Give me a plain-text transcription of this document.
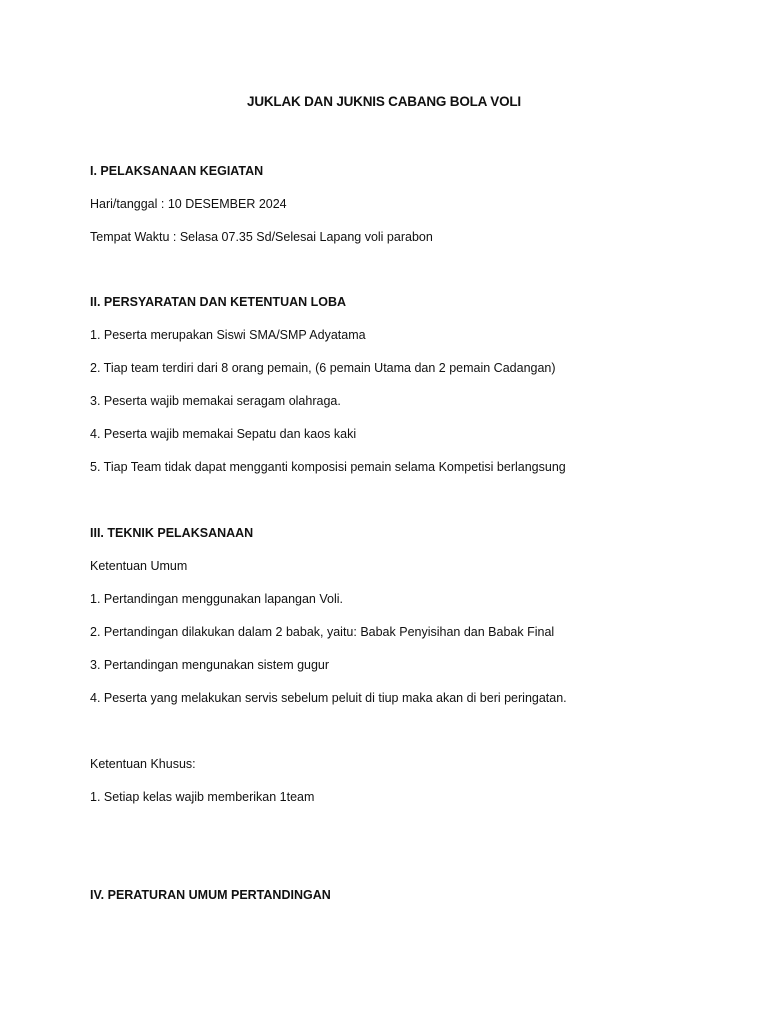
JUKLAK DAN JUKNIS CABANG BOLA VOLI
I. PELAKSANAAN KEGIATAN
Hari/tanggal : 10 DESEMBER 2024
Tempat Waktu : Selasa 07.35 Sd/Selesai Lapang voli parabon
II. PERSYARATAN DAN KETENTUAN LOBA
1. Peserta merupakan Siswi SMA/SMP Adyatama
2. Tiap team terdiri dari 8 orang pemain, (6 pemain Utama dan 2 pemain Cadangan)
3. Peserta wajib memakai seragam olahraga.
4. Peserta wajib memakai Sepatu dan kaos kaki
5. Tiap Team tidak dapat mengganti komposisi pemain selama Kompetisi berlangsung
III. TEKNIK PELAKSANAAN
Ketentuan Umum
1. Pertandingan menggunakan lapangan Voli.
2. Pertandingan dilakukan dalam 2 babak, yaitu: Babak Penyisihan dan Babak Final
3. Pertandingan mengunakan sistem gugur
4. Peserta yang melakukan servis sebelum peluit di tiup maka akan di beri peringatan.
Ketentuan Khusus:
1. Setiap kelas wajib memberikan 1team
IV. PERATURAN UMUM PERTANDINGAN
